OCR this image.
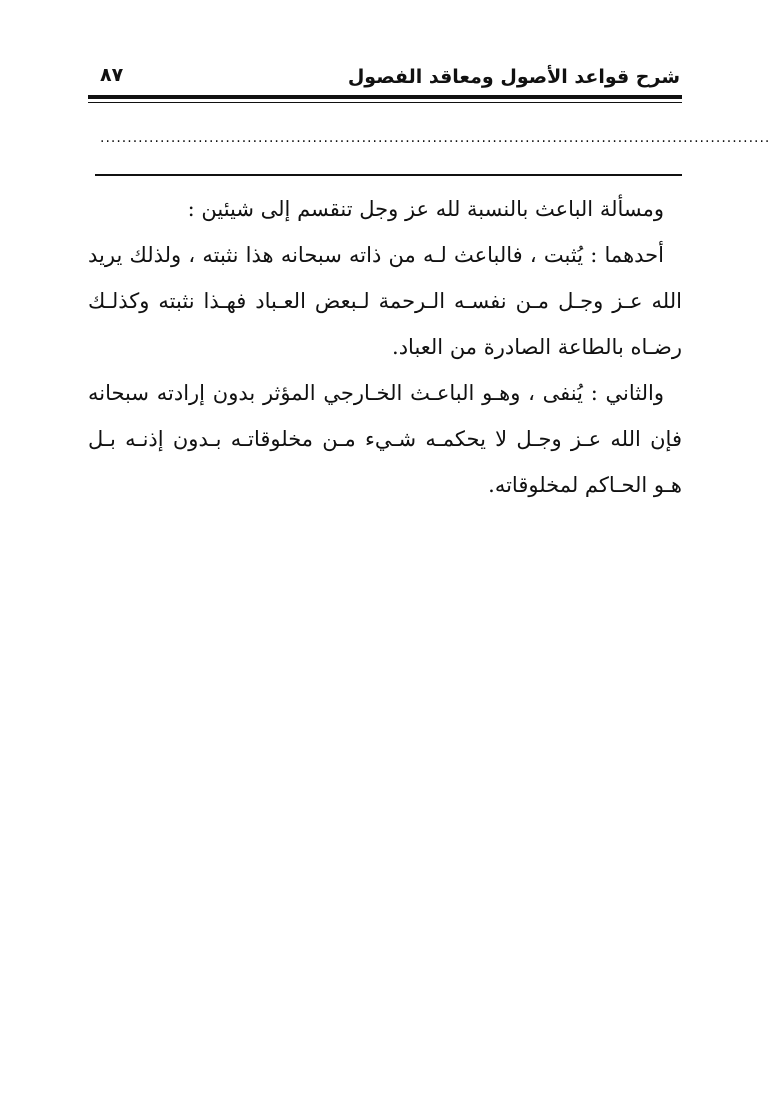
٨٧	شرح قواعد الأصول ومعاقد الفصول
...........................................................................................................................

ومسألة الباعث بالنسبة لله عز وجل تنقسم إلى شيئين :

أحدهما : يُثبت ، فالباعث لـه من ذاته سبحانه هذا نثبته ، ولذلك يريد الله عـز وجـل مـن نفسـه الـرحمة لـبعض العـباد فهـذا نثبته وكذلـك رضـاه بالطاعة الصادرة من العباد.

والثاني : يُنفى ، وهـو الباعـث الخـارجي المؤثر بدون إرادته سبحانه فإن الله عـز وجـل لا يحكمـه شـيء مـن مخلوقاتـه بـدون إذنـه بـل هـو الحـاكم لمخلوقاته.
